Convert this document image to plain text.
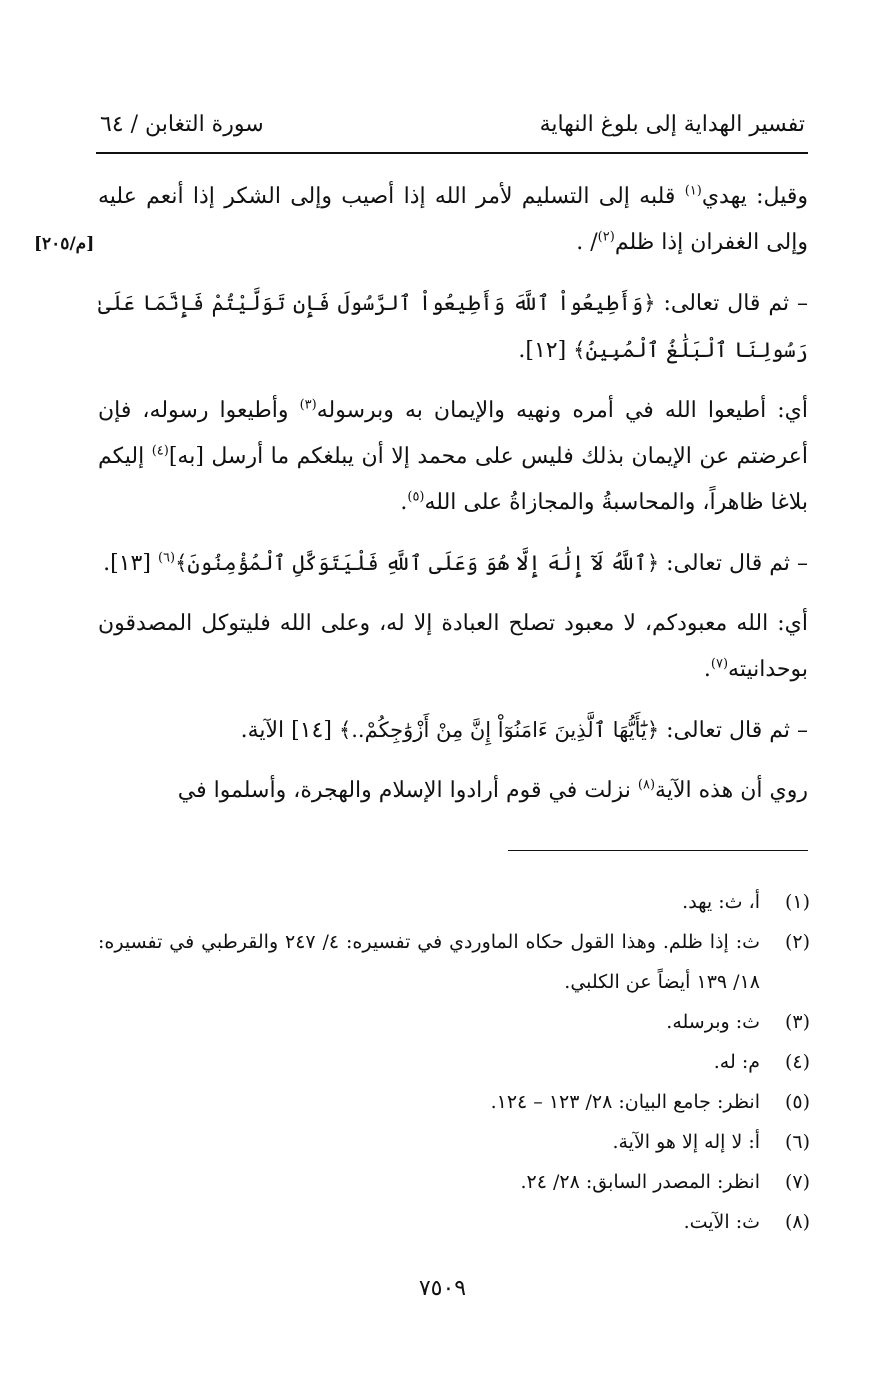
تفسير الهداية إلى بلوغ النهاية
سورة التغابن / ٦٤
[م/٢٠٥]

وقيل: يهدي$^{(١)}$ قلبه إلى التسليم لأمر الله إذا أصيب وإلى الشكر إذا أنعم عليه وإلى الغفران إذا ظلم$^{(٢)}$/ .

– ثم قال تعالى: ﴿وَأَطِيعُواْ ٱللَّهَ وَأَطِيعُواْ ٱلرَّسُولَ فَإِن تَوَلَّيْتُمْ فَإِنَّمَا عَلَىٰ رَسُولِنَا ٱلْبَلَٰغُ ٱلْمُبِينُ﴾ [١٢].

أي: أطيعوا الله في أمره ونهيه والإيمان به وبرسوله$^{(٣)}$ وأطيعوا رسوله، فإن أعرضتم عن الإيمان بذلك فليس على محمد إلا أن يبلغكم ما أرسل [به]$^{(٤)}$ إليكم بلاغا ظاهراً، والمحاسبةُ والمجازاةُ على الله$^{(٥)}$.

– ثم قال تعالى: ﴿ٱللَّهُ لَآ إِلَٰهَ إِلَّا هُوَ وَعَلَى ٱللَّهِ فَلْيَتَوَكَّلِ ٱلْمُؤْمِنُونَ﴾$^{(٦)}$ [١٣].

أي: الله معبودكم، لا معبود تصلح العبادة إلا له، وعلى الله فليتوكل المصدقون بوحدانيته$^{(٧)}$.

– ثم قال تعالى: ﴿يَٰٓأَيُّهَا ٱلَّذِينَ ءَامَنُوٓاْ إِنَّ مِنْ أَزْوَٰجِكُمْ..﴾ [١٤] الآية.

روي أن هذه الآية$^{(٨)}$ نزلت في قوم أرادوا الإسلام والهجرة، وأسلموا في

(١)
أ، ث: يهد.
(٢)
ث: إذا ظلم. وهذا القول حكاه الماوردي في تفسيره: ٤/ ٢٤٧ والقرطبي في تفسيره: ١٨/ ١٣٩ أيضاً عن الكلبي.
(٣)
ث: وبرسله.
(٤)
م: له.
(٥)
انظر: جامع البيان: ٢٨/ ١٢٣ – ١٢٤.
(٦)
أ: لا إله إلا هو الآية.
(٧)
انظر: المصدر السابق: ٢٨/ ٢٤.
(٨)
ث: الآيت.
٧٥٠٩
